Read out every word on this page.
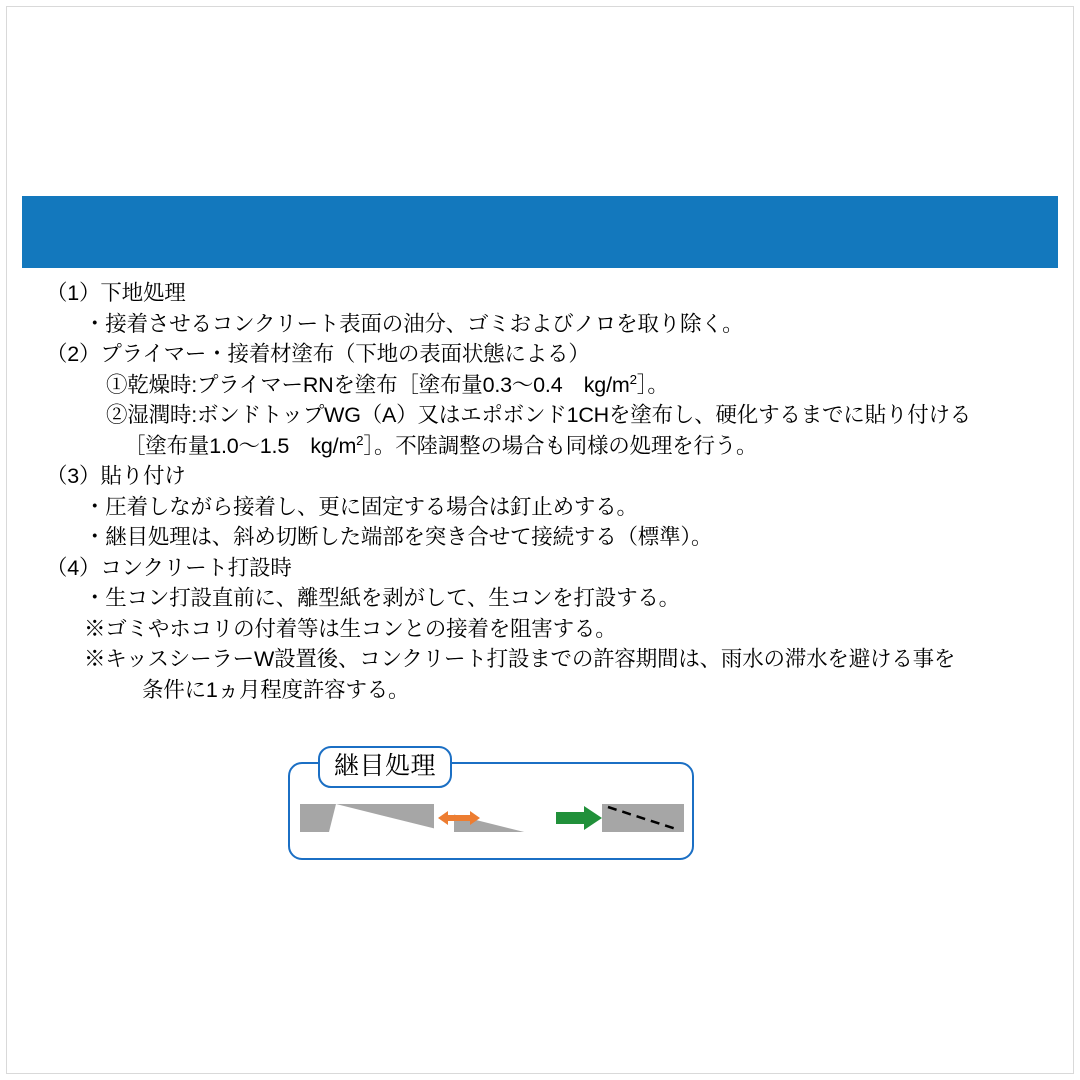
（1）下地処理
・接着させるコンクリート表面の油分、ゴミおよびノロを取り除く。
（2）プライマー・接着材塗布（下地の表面状態による）
①乾燥時:プライマーRNを塗布［塗布量0.3～0.4　$kg/m^2]$。
②湿潤時:ボンドトップWG（A）又はエポボンド1CHを塗布し、硬化するまでに貼り付ける
［塗布量1.0～1.5　$kg/m^2]$。不陸調整の場合も同様の処理を行う。
（3）貼り付け
・圧着しながら接着し、更に固定する場合は釘止めする。
・継目処理は、斜め切断した端部を突き合せて接続する（標準）。
（4）コンクリート打設時
・生コン打設直前に、離型紙を剥がして、生コンを打設する。
※ゴミやホコリの付着等は生コンとの接着を阻害する。
※キッスシーラーW設置後、コンクリート打設までの許容期間は、雨水の滞水を避ける事を
条件に1ヵ月程度許容する。
継目処理
